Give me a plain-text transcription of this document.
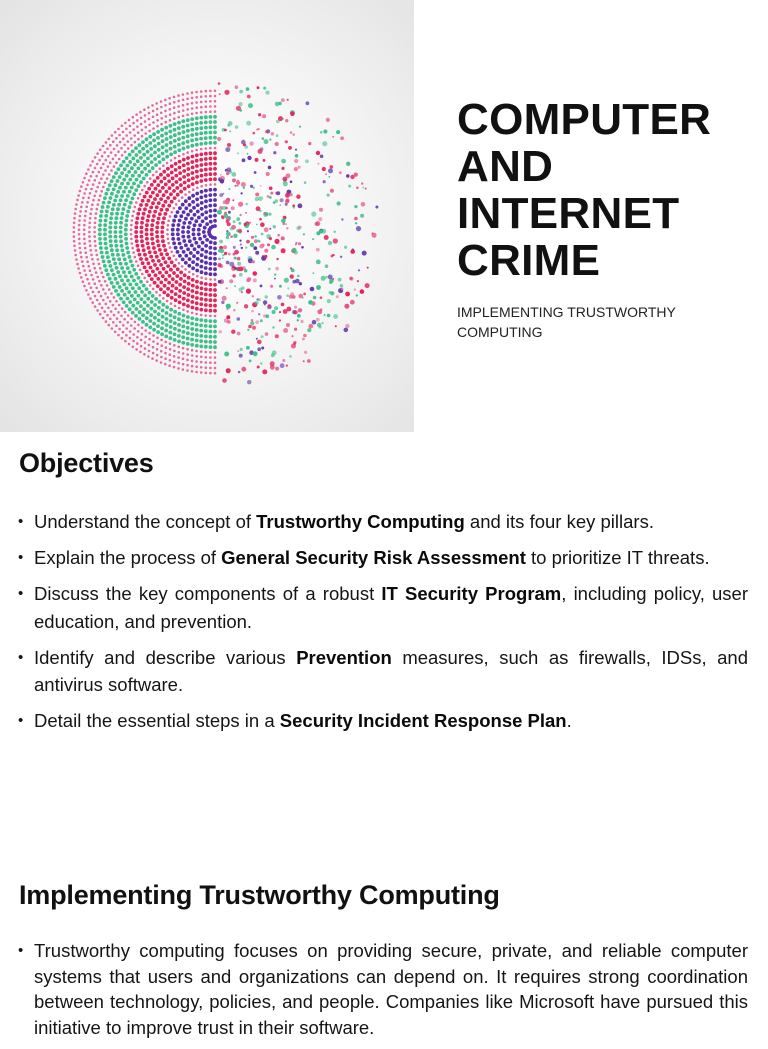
COMPUTER
AND
INTERNET
CRIME

IMPLEMENTING TRUSTWORTHY
COMPUTING

Objectives
• Understand the concept of Trustworthy Computing and its four key pillars.
• Explain the process of General Security Risk Assessment to prioritize IT threats.
• Discuss the key components of a robust IT Security Program, including policy, user education, and prevention.
• Identify and describe various Prevention measures, such as firewalls, IDSs, and antivirus software.
• Detail the essential steps in a Security Incident Response Plan.
Implementing Trustworthy Computing
• Trustworthy computing focuses on providing secure, private, and reliable computer systems that users and organizations can depend on. It requires strong coordination between technology, policies, and people. Companies like Microsoft have pursued this initiative to improve trust in their software.
